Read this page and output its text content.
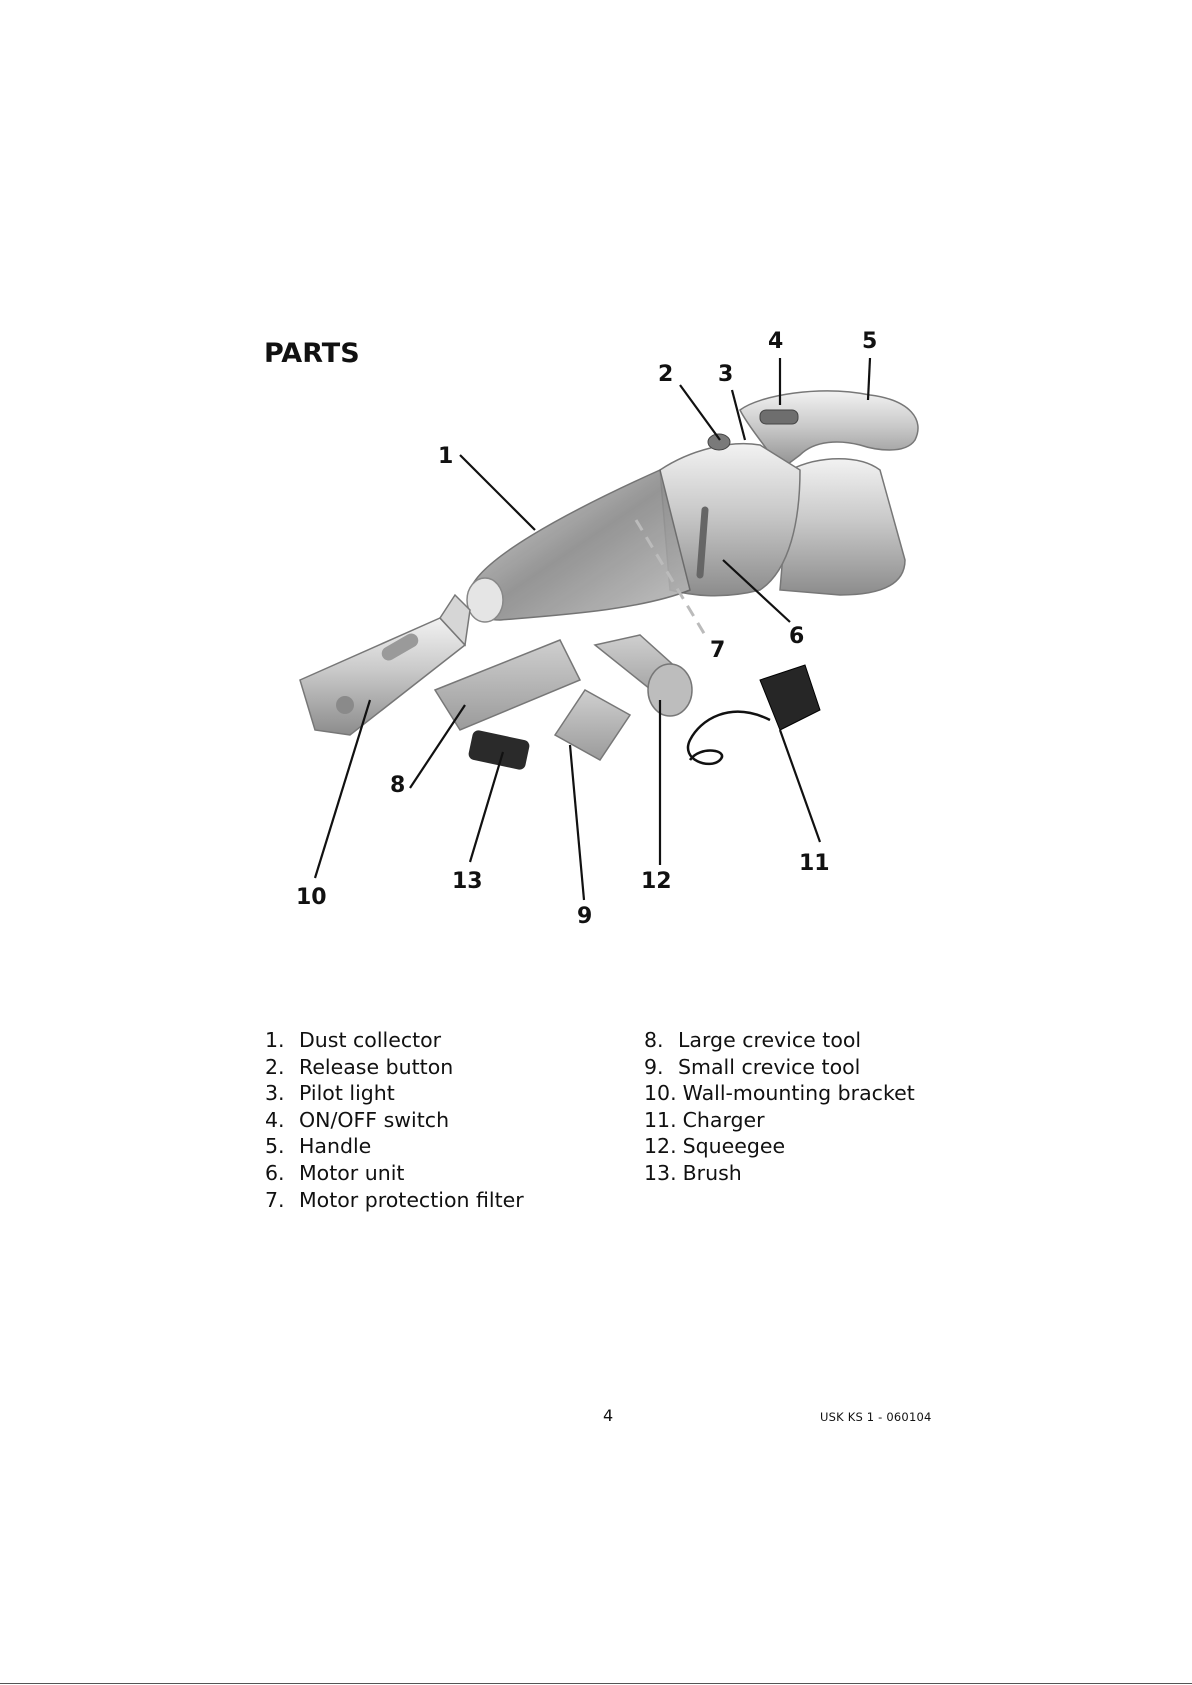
PARTS
1
2 3
4	5
6
7
8
9
10
11
12
13
1. Dust collector
2. Release button
3. Pilot light
4. ON/OFF switch
5. Handle
6. Motor unit
7. Motor protection filter
8. Large crevice tool
9. Small crevice tool
10. Wall-mounting bracket
11. Charger
12. Squeegee
13. Brush
4	USK KS 1 - 060104
